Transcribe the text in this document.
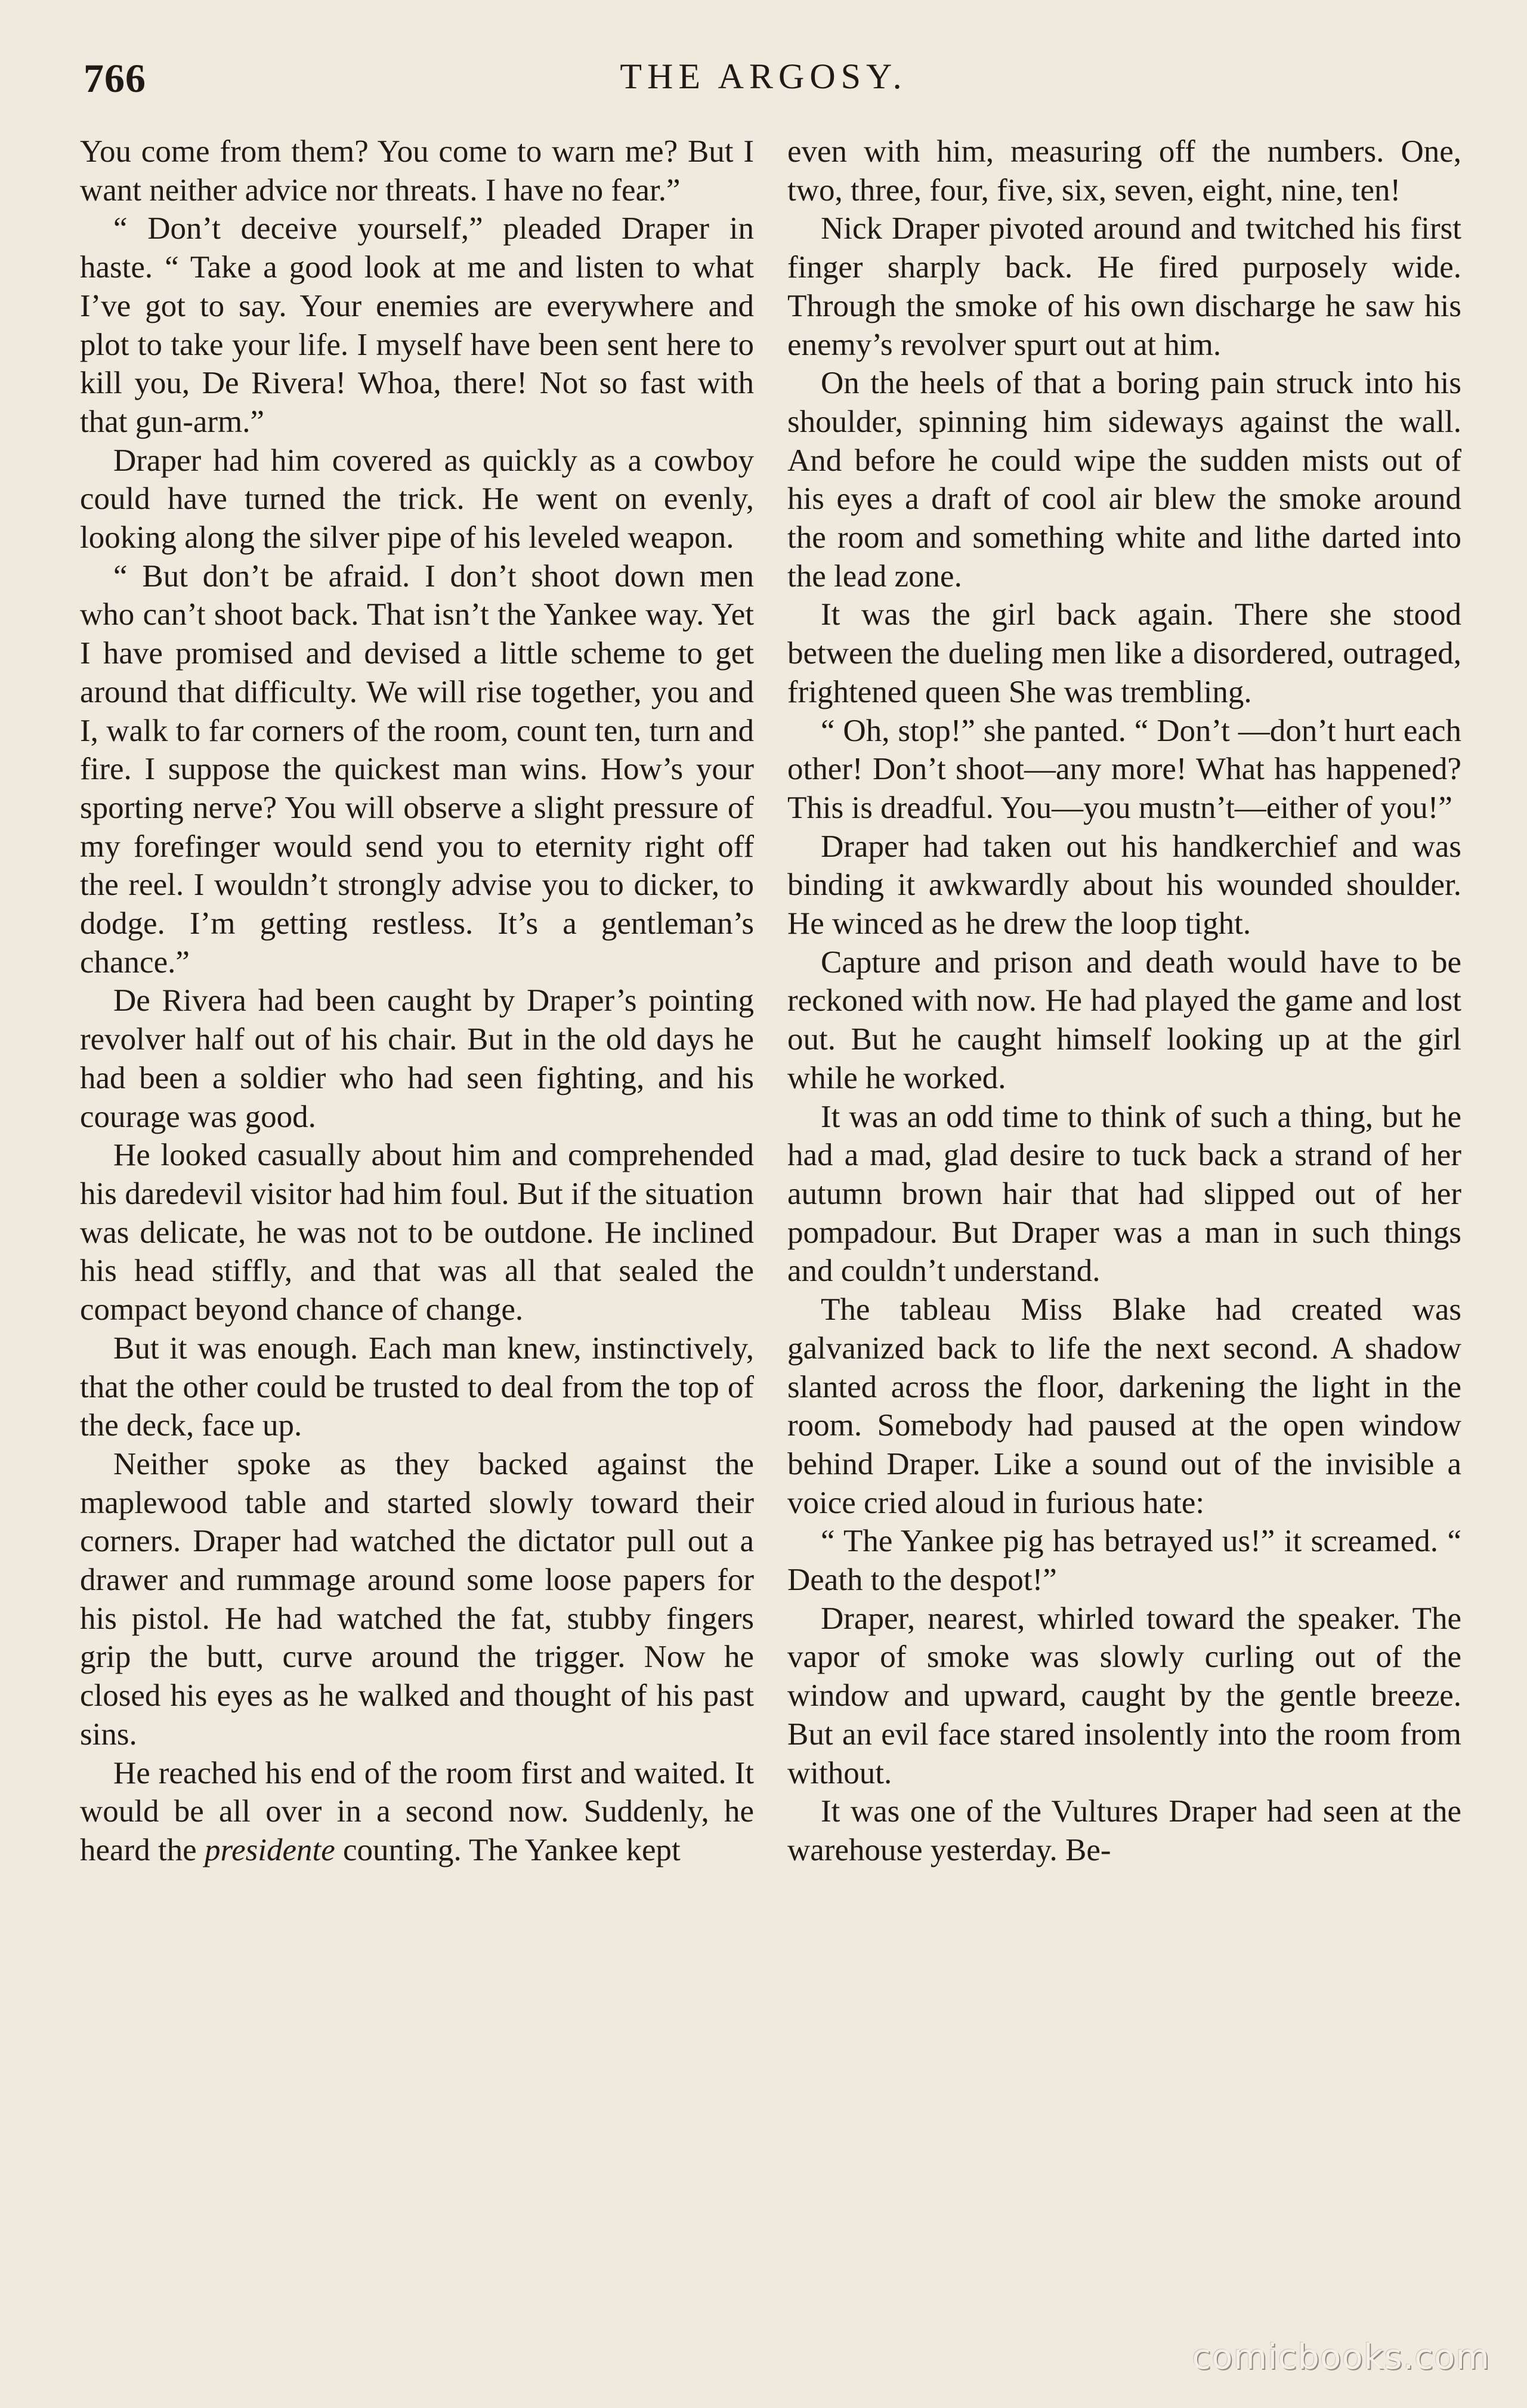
766	THE ARGOSY.

You come from them? You come to warn me? But I want neither advice nor threats. I have no fear.”

“ Don’t deceive yourself,” pleaded Draper in haste. “ Take a good look at me and listen to what I’ve got to say. Your enemies are everywhere and plot to take your life. I myself have been sent here to kill you, De Rivera! Whoa, there! Not so fast with that gun-arm.”

Draper had him covered as quickly as a cowboy could have turned the trick. He went on evenly, looking along the silver pipe of his leveled weapon.

“ But don’t be afraid. I don’t shoot down men who can’t shoot back. That isn’t the Yankee way. Yet I have promised and devised a little scheme to get around that difficulty. We will rise together, you and I, walk to far corners of the room, count ten, turn and fire. I suppose the quickest man wins. How’s your sporting nerve? You will observe a slight pressure of my forefinger would send you to eternity right off the reel. I wouldn’t strongly advise you to dicker, to dodge. I’m getting restless. It’s a gentleman’s chance.”

De Rivera had been caught by Draper’s pointing revolver half out of his chair. But in the old days he had been a soldier who had seen fighting, and his courage was good.

He looked casually about him and comprehended his daredevil visitor had him foul. But if the situation was delicate, he was not to be outdone. He inclined his head stiffly, and that was all that sealed the compact beyond chance of change.

But it was enough. Each man knew, instinctively, that the other could be trusted to deal from the top of the deck, face up.

Neither spoke as they backed against the maplewood table and started slowly toward their corners. Draper had watched the dictator pull out a drawer and rummage around some loose papers for his pistol. He had watched the fat, stubby fingers grip the butt, curve around the trigger. Now he closed his eyes as he walked and thought of his past sins.

He reached his end of the room first and waited. It would be all over in a second now. Suddenly, he heard the presidente counting. The Yankee kept

even with him, measuring off the numbers. One, two, three, four, five, six, seven, eight, nine, ten!

Nick Draper pivoted around and twitched his first finger sharply back. He fired purposely wide. Through the smoke of his own discharge he saw his enemy’s revolver spurt out at him.

On the heels of that a boring pain struck into his shoulder, spinning him sideways against the wall. And before he could wipe the sudden mists out of his eyes a draft of cool air blew the smoke around the room and something white and lithe darted into the lead zone.

It was the girl back again. There she stood between the dueling men like a disordered, outraged, frightened queen She was trembling.

“ Oh, stop!” she panted. “ Don’t —don’t hurt each other! Don’t shoot—any more! What has happened? This is dreadful. You—you mustn’t—either of you!”

Draper had taken out his handkerchief and was binding it awkwardly about his wounded shoulder. He winced as he drew the loop tight.

Capture and prison and death would have to be reckoned with now. He had played the game and lost out. But he caught himself looking up at the girl while he worked.

It was an odd time to think of such a thing, but he had a mad, glad desire to tuck back a strand of her autumn brown hair that had slipped out of her pompadour. But Draper was a man in such things and couldn’t understand.

The tableau Miss Blake had created was galvanized back to life the next second. A shadow slanted across the floor, darkening the light in the room. Somebody had paused at the open window behind Draper. Like a sound out of the invisible a voice cried aloud in furious hate:

“ The Yankee pig has betrayed us!” it screamed. “ Death to the despot!”

Draper, nearest, whirled toward the speaker. The vapor of smoke was slowly curling out of the window and upward, caught by the gentle breeze. But an evil face stared insolently into the room from without.

It was one of the Vultures Draper had seen at the warehouse yesterday. Be-

comicbooks.com
